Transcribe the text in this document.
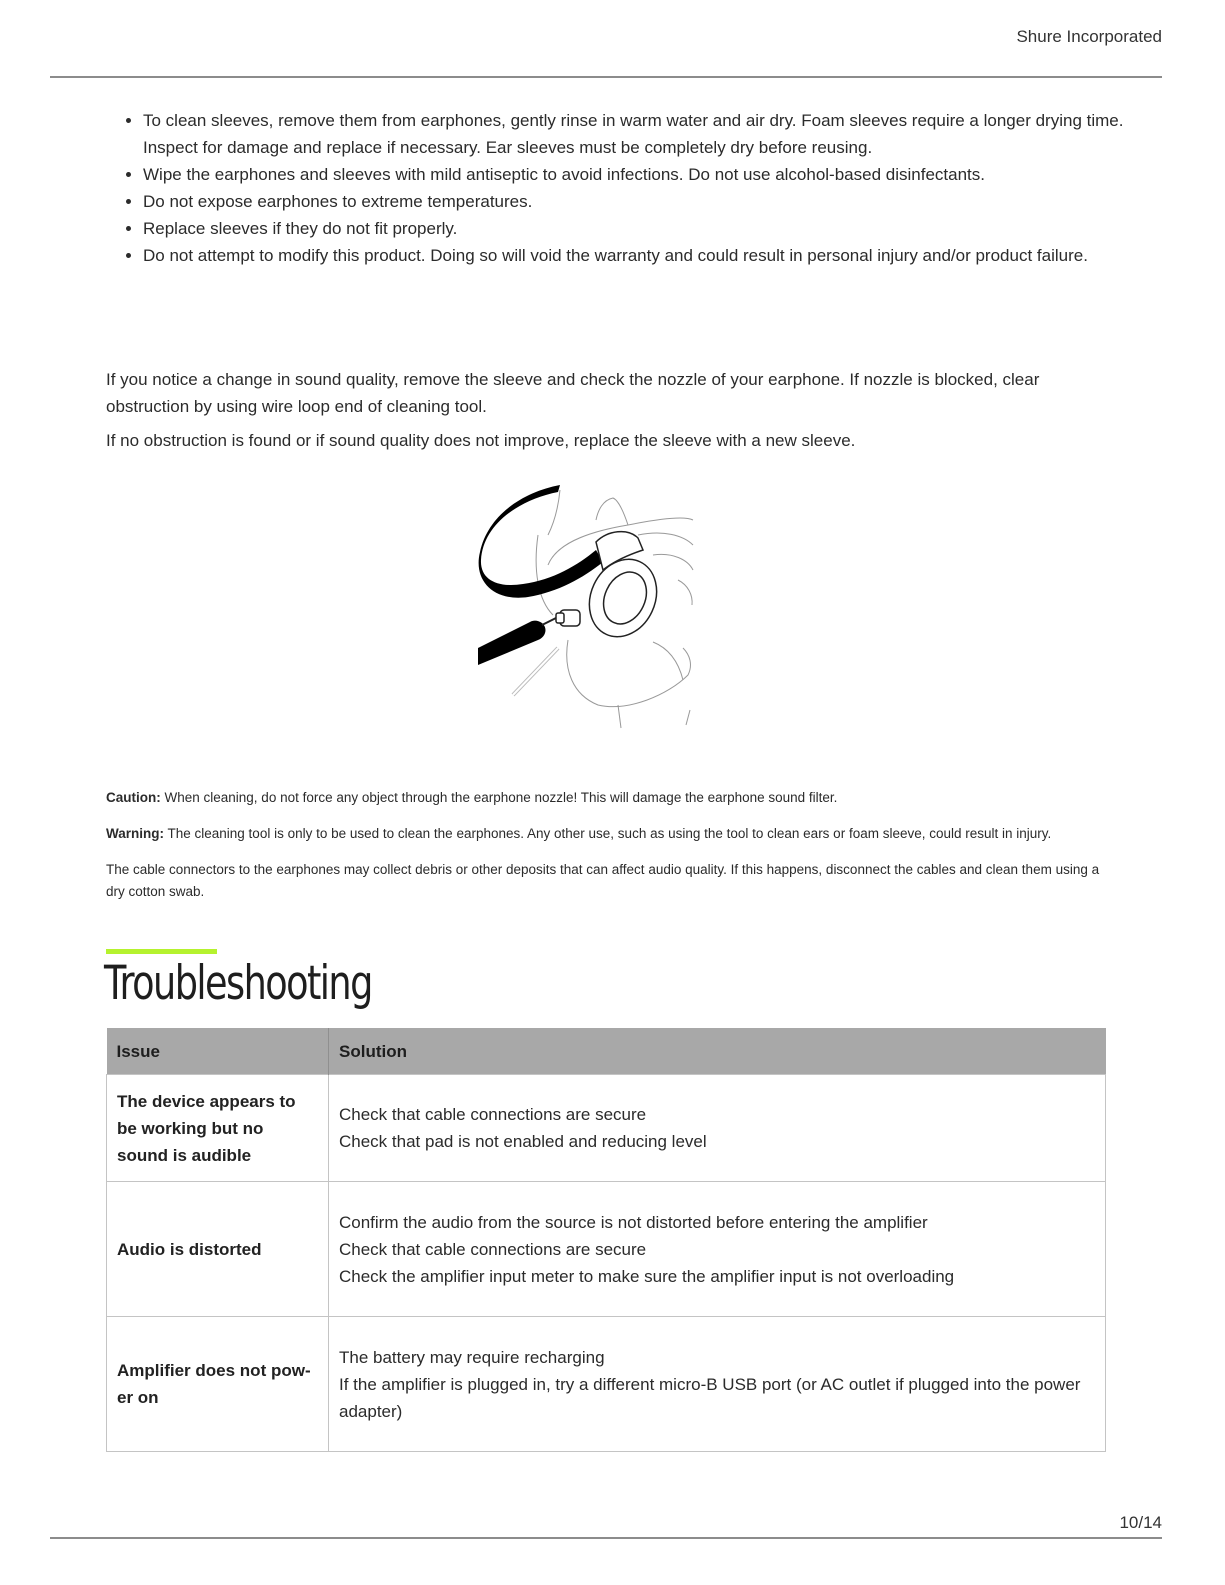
Shure Incorporated
• To clean sleeves, remove them from earphones, gently rinse in warm water and air dry. Foam sleeves require a longer drying time. Inspect for damage and replace if necessary. Ear sleeves must be completely dry before reusing.
• Wipe the earphones and sleeves with mild antiseptic to avoid infections. Do not use alcohol-based disinfectants.
• Do not expose earphones to extreme temperatures.
• Replace sleeves if they do not fit properly.
• Do not attempt to modify this product. Doing so will void the warranty and could result in personal injury and/or product failure.

If you notice a change in sound quality, remove the sleeve and check the nozzle of your earphone. If nozzle is blocked, clear obstruction by using wire loop end of cleaning tool.

If no obstruction is found or if sound quality does not improve, replace the sleeve with a new sleeve.

Caution: When cleaning, do not force any object through the earphone nozzle! This will damage the earphone sound filter.

Warning: The cleaning tool is only to be used to clean the earphones. Any other use, such as using the tool to clean ears or foam sleeve, could result in injury.

The cable connectors to the earphones may collect debris or other deposits that can affect audio quality. If this happens, disconnect the cables and clean them using a dry cotton swab.

Troubleshooting
Issue	Solution
The device appears to be working but no sound is audible	Check that cable connections are secure
Check that pad is not enabled and reducing level

Audio is distorted	Confirm the audio from the source is not distorted before entering the amplifier
Check that cable connections are secure
Check the amplifier input meter to make sure the amplifier input is not overloading

Amplifier does not power on	The battery may require recharging
If the amplifier is plugged in, try a different micro-B USB port (or AC outlet if plugged into the power adapter)
10/14
